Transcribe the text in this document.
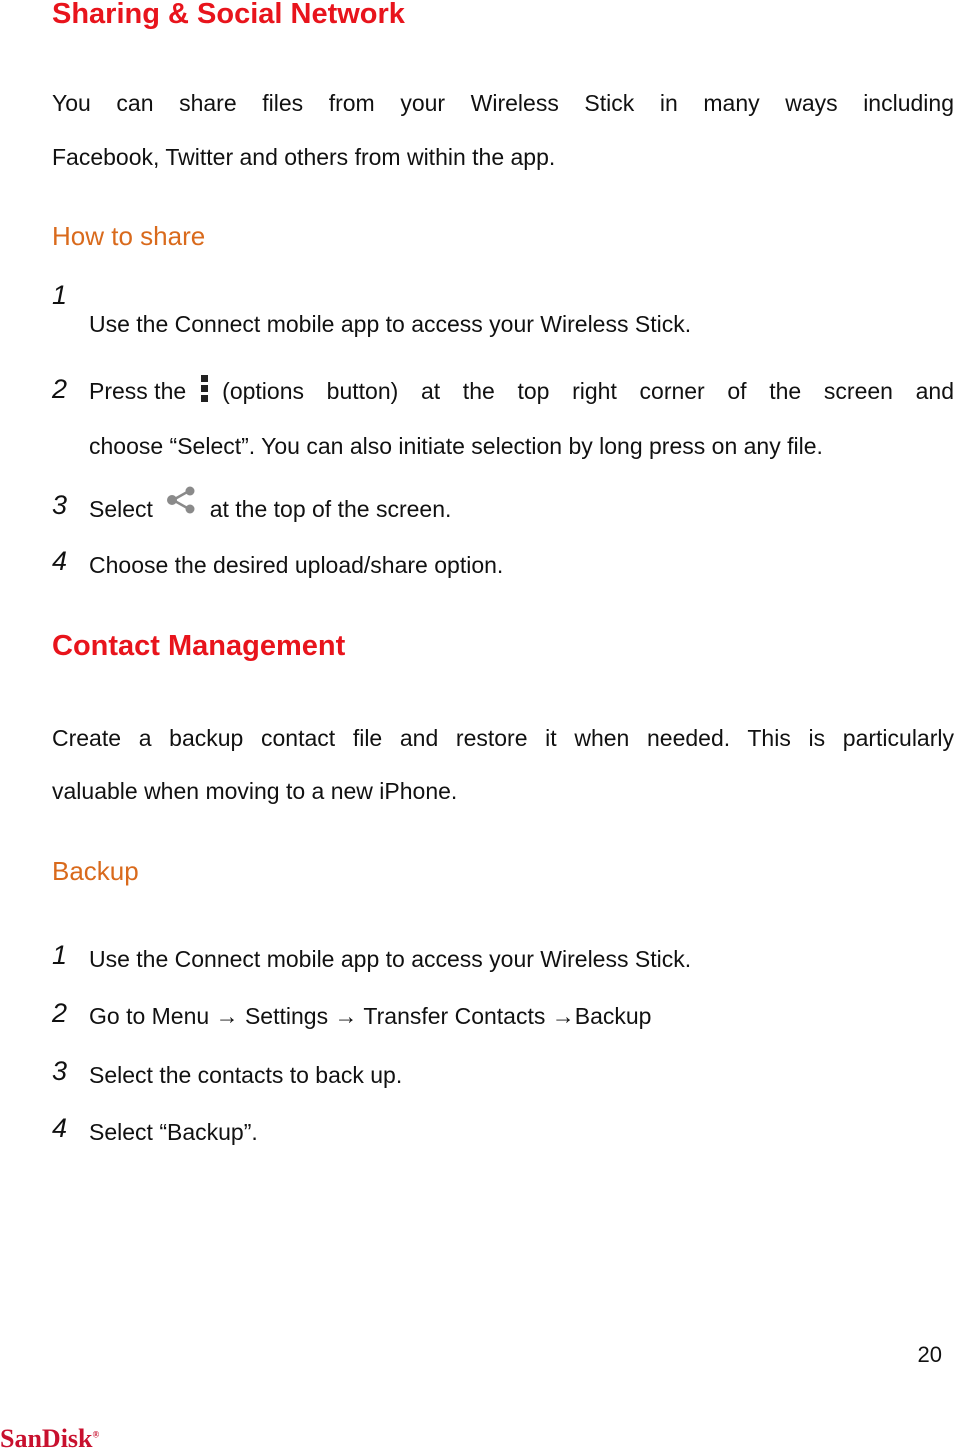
Sharing & Social Network
You can share files from your Wireless Stick in many ways including
Facebook, Twitter and others from within the app.
How to share
1
Use the Connect mobile app to access your Wireless Stick.
2 Press the (options button) at the top right corner of the screen and
choose “Select”. You can also initiate selection by long press on any file.
3 Select at the top of the screen.
4 Choose the desired upload/share option.
Contact Management
Create a backup contact file and restore it when needed. This is particularly
valuable when moving to a new iPhone.
Backup
1 Use the Connect mobile app to access your Wireless Stick.
2 Go to Menu → Settings → Transfer Contacts →Backup
3 Select the contacts to back up.
4 Select “Backup”.
20
SanDisk®
